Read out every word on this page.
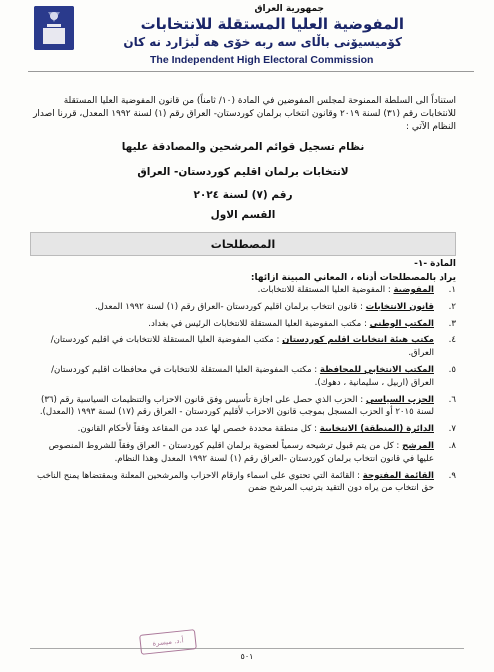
جمهورية العراق
المفوضية العليا المستقلة للانتخابات
كۆميسيۆنى باڵاى سه ربه خۆى هه ڵبژارد نه كان
The Independent High Electoral Commission
استناداً الى السلطة الممنوحة لمجلس المفوضين في المادة (١٠/ ثامناً) من قانون المفوضية العليا المستقلة للانتخابات رقم (٣١) لسنة ٢٠١٩ وقانون انتخاب برلمان كوردستان- العراق رقم (١) لسنة ١٩٩٢ المعدل، قررنا اصدار النظام الآتي :
نظام تسجيل قوائم المرشحين والمصادقة عليها
لانتخابات برلمان اقليم كوردستان- العراق
رقم (٧) لسنة ٢٠٢٤
القسم الاول
المصطلحات
المادة -١-
يراد بالمصطلحات أدناه ، المعاني المبينة ازائها:
١.
المفوضية : المفوضية العليا المستقلة للانتخابات.
٢.
قانون الانتخابات : قانون انتخاب برلمان اقليم كوردستان -العراق رقم (١) لسنة ١٩٩٢ المعدل.
٣.
المكتب الوطني : مكتب المفوضية العليا المستقلة للانتخابات الرئيس في بغداد.
٤.
مكتب هيئة انتخابات اقليم كوردستان : مكتب المفوضية العليا المستقلة للانتخابات في اقليم كوردستان/العراق.
٥.
المكتب الانتخابي للمحافظة : مكتب المفوضية العليا المستقلة للانتخابات في محافظات اقليم كوردستان/العراق (اربيل ، سليمانية ، دهوك).
٦.
الحزب السياسي : الحزب الذي حصل على اجازة تأسيس وفق قانون الاحزاب والتنظيمات السياسية رقم (٣٦) لسنة ٢٠١٥ أو الحزب المسجل بموجب قانون الاحزاب لأقليم كوردستان - العراق رقم (١٧) لسنة ١٩٩٣ (المعدل).
٧.
الدائرة (المنطقة) الانتخابية : كل منطقة محددة خصص لها عدد من المقاعد وفقاً لأحكام القانون.
٨.
المرشح : كل من يتم قبول ترشيحه رسمياً لعضوية برلمان اقليم كوردستان - العراق وفقاً للشروط المنصوص عليها في قانون انتخاب برلمان كوردستان -العراق رقم (١) لسنة ١٩٩٢ المعدل وهذا النظام.
٩.
القائمة المفتوحة : القائمة التي تحتوي على اسماء وارقام الاحزاب والمرشحين المعلنة وبمقتضاها يمنح الناخب حق انتخاب من يراه دون التقيد بترتيب المرشح ضمن
أ.د. ميسرة
٥٠١
